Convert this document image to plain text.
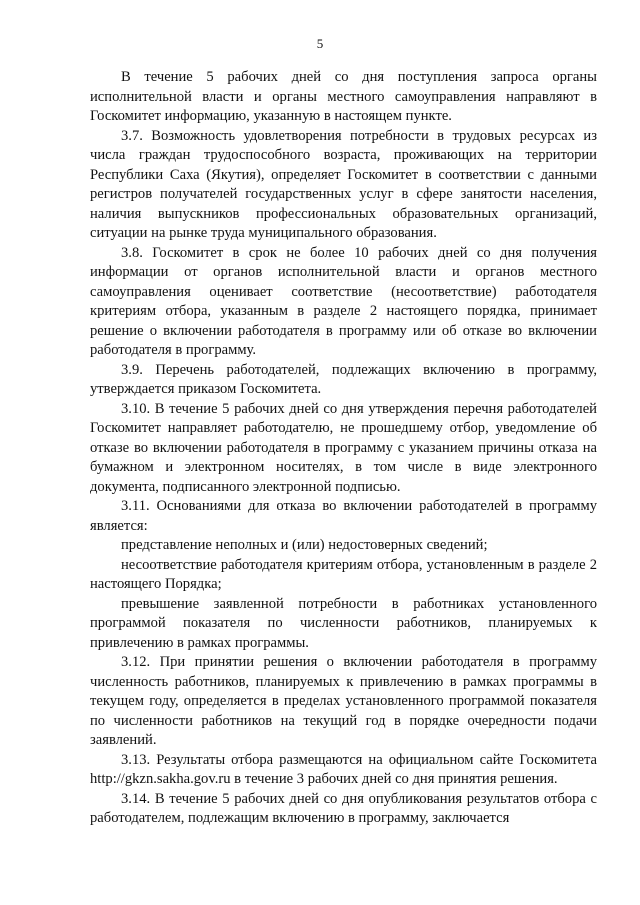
5

В течение 5 рабочих дней со дня поступления запроса органы исполнительной власти и органы местного самоуправления направляют в Госкомитет информацию, указанную в настоящем пункте.

3.7. Возможность удовлетворения потребности в трудовых ресурсах из числа граждан трудоспособного возраста, проживающих на территории Республики Саха (Якутия), определяет Госкомитет в соответствии с данными регистров получателей государственных услуг в сфере занятости населения, наличия выпускников профессиональных образовательных организаций, ситуации на рынке труда муниципального образования.

3.8. Госкомитет в срок не более 10 рабочих дней со дня получения информации от органов исполнительной власти и органов местного самоуправления оценивает соответствие (несоответствие) работодателя критериям отбора, указанным в разделе 2 настоящего порядка, принимает решение о включении работодателя в программу или об отказе во включении работодателя в программу.

3.9. Перечень работодателей, подлежащих включению в программу, утверждается приказом Госкомитета.

3.10. В течение 5 рабочих дней со дня утверждения перечня работодателей Госкомитет направляет работодателю, не прошедшему отбор, уведомление об отказе во включении работодателя в программу с указанием причины отказа на бумажном и электронном носителях, в том числе в виде электронного документа, подписанного электронной подписью.

3.11. Основаниями для отказа во включении работодателей в программу является:

представление неполных и (или) недостоверных сведений;

несоответствие работодателя критериям отбора, установленным в разделе 2 настоящего Порядка;

превышение заявленной потребности в работниках установленного программой показателя по численности работников, планируемых к привлечению в рамках программы.

3.12. При принятии решения о включении работодателя в программу численность работников, планируемых к привлечению в рамках программы в текущем году, определяется в пределах установленного программой показателя по численности работников на текущий год в порядке очередности подачи заявлений.

3.13. Результаты отбора размещаются на официальном сайте Госкомитета http://gkzn.sakha.gov.ru в течение 3 рабочих дней со дня принятия решения.

3.14. В течение 5 рабочих дней со дня опубликования результатов отбора с работодателем, подлежащим включению в программу, заключается
